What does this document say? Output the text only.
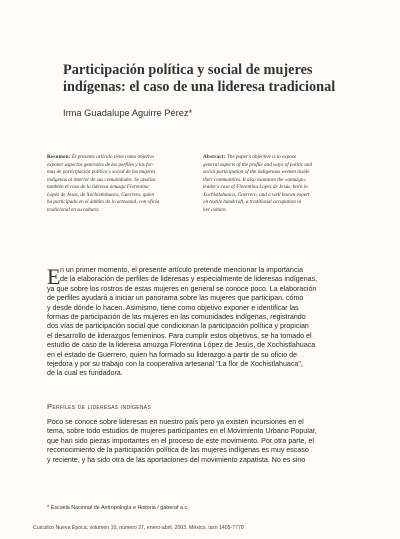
Participación política y social de mujeres
indígenas: el caso de una lideresa tradicional
Irma Guadalupe Aguirre Pérez*
Resumen: El presente artículo tiene como objetivo
exponer aspectos generales de los perfiles y las for-
mas de participación política y social de las mujeres
indígenas al interior de sus comunidades. Se analiza
también el caso de la lideresa amuzga Florentina
López de Jesús, de Xochistlahuaca, Guerrero, quien
ha participado en el ámbito de lo artesanal, con oficio
tradicional en su cultura.
Abstract: The paper's objective is to expose
general aspects of the profile and ways of politic and
social participation of the indigenous women inside
their communities. It also examines the «amuzgo»
leader's case of Florentina Lopez de Jesús, born in
Xochistlahuaca, Guerrero, and a well known expert
on textile handcraft, a traditional occupation in
her culture.
E n un primer momento, el presente artículo pretende mencionar la importancia
de la elaboración de perfiles de lideresas y especialmente de lideresas indígenas,
ya que sobre los rostros de estas mujeres en general se conoce poco. La elaboración
de perfiles ayudará a iniciar un panorama sobre las mujeres que participan, cómo
y desde dónde lo hacen. Asimismo, tiene como objetivo exponer e identificar las
formas de participación de las mujeres en las comunidades indígenas, registrando
dos vías de participación social que condicionan la participación política y propician
el desarrollo de liderazgos femeninos. Para cumplir estos objetivos, se ha tomado el
estudio de caso de la lideresa amuzga Florentina López de Jesús, de Xochistlahuaca
en el estado de Guerrero, quien ha formado su liderazgo a partir de su oficio de
tejedora y por su trabajo con la cooperativa artesanal "La flor de Xochistlahuaca",
de la cual es fundadora.
Perfiles de lideresas indígenas
Poco se conoce sobre lideresas en nuestro país pero ya existen incursiones en el
tema, sobre todo estudios de mujeres participantes en el Movimiento Urbano Popular,
que han sido piezas importantes en el proceso de este movimiento. Por otra parte, el
reconocimiento de la participación política de las mujeres indígenas es muy escaso
y reciente, y ha sido otra de las aportaciones del movimiento zapatista. No es sino
* Escuela Nacional de Antropología e Historia / gaberaf a.c.
Cuicuilco Nueva Época, volumen 10, número 27, enero-abril, 2003, México, issn 1405-7778
